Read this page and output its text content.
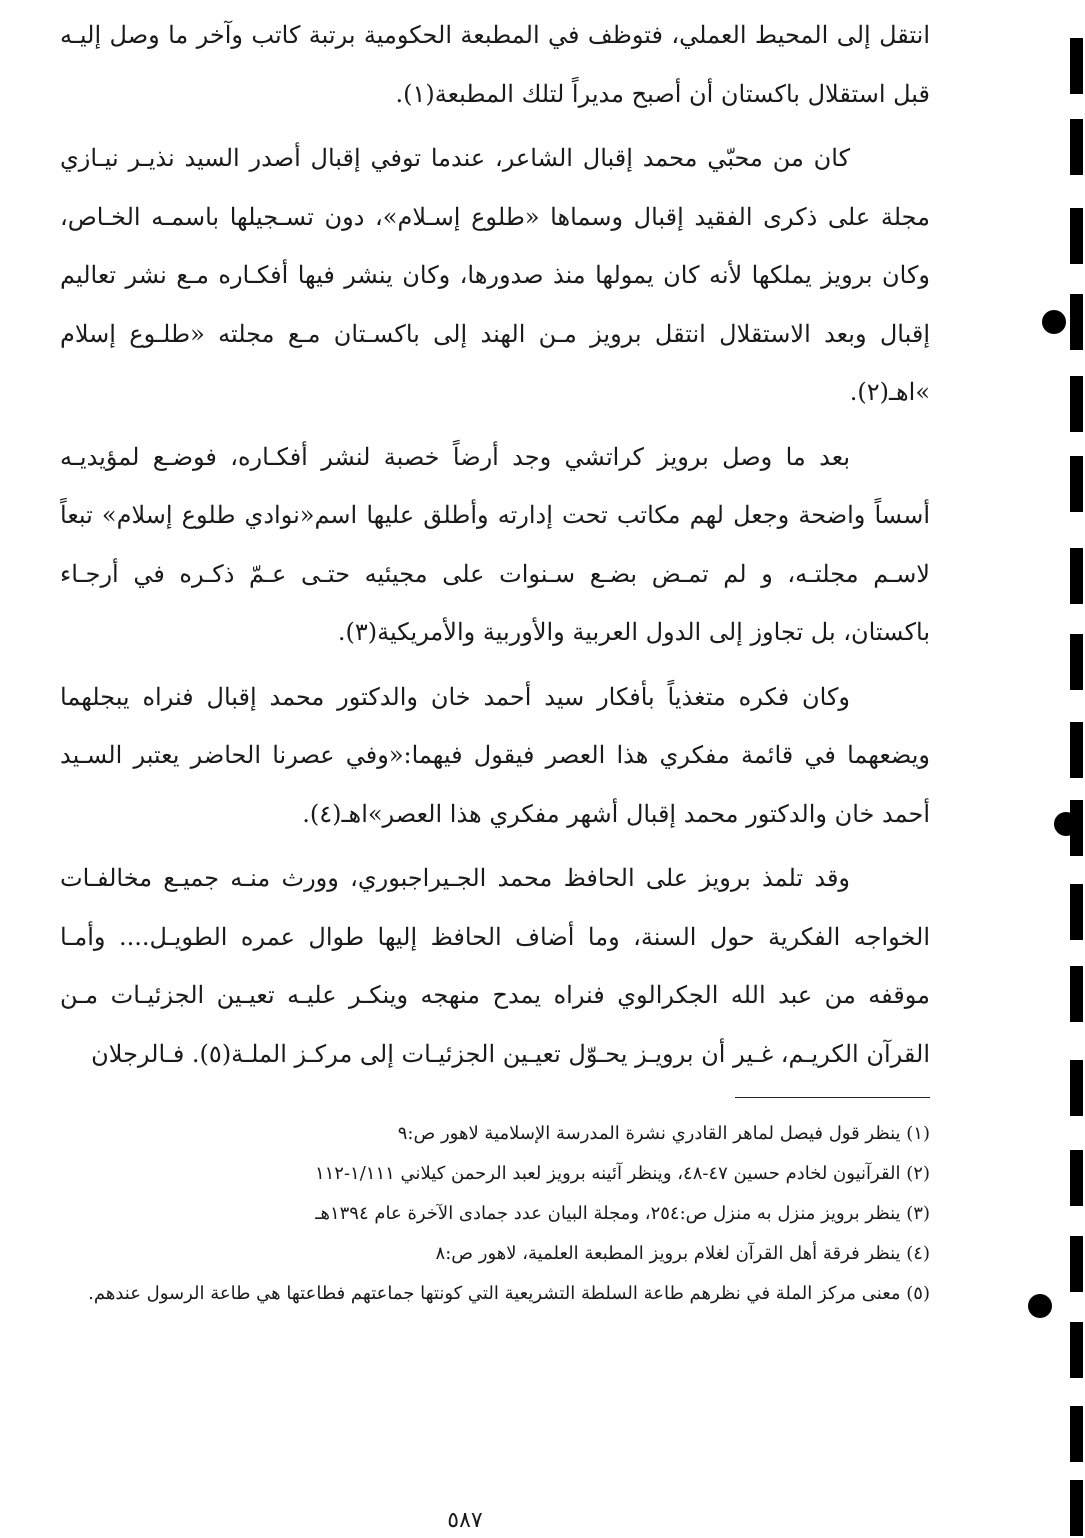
انتقل إلى المحيط العملي، فتوظف في المطبعة الحكومية برتبة كاتب وآخر ما وصل إليـه قبل استقلال باكستان أن أصبح مديراً لتلك المطبعة(١).

كان من محبّي محمد إقبال الشاعر، عندما توفي إقبال أصدر السيد نذيـر نيـازي مجلة على ذكرى الفقيد إقبال وسماها «طلوع إسـلام»، دون تسـجيلها باسمـه الخـاص، وكان برويز يملكها لأنه كان يمولها منذ صدورها، وكان ينشر فيها أفكـاره مـع نشر تعاليم إقبال وبعد الاستقلال انتقل برويز مـن الهند إلى باكسـتان مـع مجلته «طلـوع إسلام »اهـ(٢).

بعد ما وصل برويز كراتشي وجد أرضاً خصبة لنشر أفكـاره، فوضـع لمؤيديـه أسساً واضحة وجعل لهم مكاتب تحت إدارته وأطلق عليها اسم«نوادي طلوع إسلام» تبعاً لاسـم مجلتـه، و لم تمـض بضـع سـنوات على مجيئيه حتـى عـمّ ذكـره في أرجـاء باكستان، بل تجاوز إلى الدول العربية والأوربية والأمريكية(٣).

وكان فكره متغذياً بأفكار سيد أحمد خان والدكتور محمد إقبال فنراه يبجلهما ويضعهما في قائمة مفكري هذا العصر فيقول فيهما:«وفي عصرنا الحاضر يعتبر السـيد أحمد خان والدكتور محمد إقبال أشهر مفكري هذا العصر»اهـ(٤).

وقد تلمذ برويز على الحافظ محمد الجـيراجبوري، وورث منـه جميـع مخالفـات الخواجه الفكرية حول السنة، وما أضاف الحافظ إليها طوال عمره الطويـل.... وأمـا موقفه من عبد الله الجكرالوي فنراه يمدح منهجه وينكـر عليـه تعيـين الجزئيـات مـن القرآن الكريـم، غـير أن برويـز يحـوّل تعيـين الجزئيـات إلى مركـز الملـة(٥). فـالرجلان

(١) ينظر قول فيصل لماهر القادري نشرة المدرسة الإسلامية لاهور ص:٩

(٢) القرآنيون لخادم حسين ٤٧-٤٨، وينظر آئينه برويز لعبد الرحمن كيلاني ١/١١١-١١٢

(٣) ينظر برويز منزل به منزل ص:٢٥٤، ومجلة البيان عدد جمادى الآخرة عام ١٣٩٤هـ

(٤) ينظر فرقة أهل القرآن لغلام برويز المطبعة العلمية، لاهور ص:٨

(٥) معنى مركز الملة في نظرهم طاعة السلطة التشريعية التي كونتها جماعتهم فطاعتها هي طاعة الرسول عندهم.

٥٨٧
